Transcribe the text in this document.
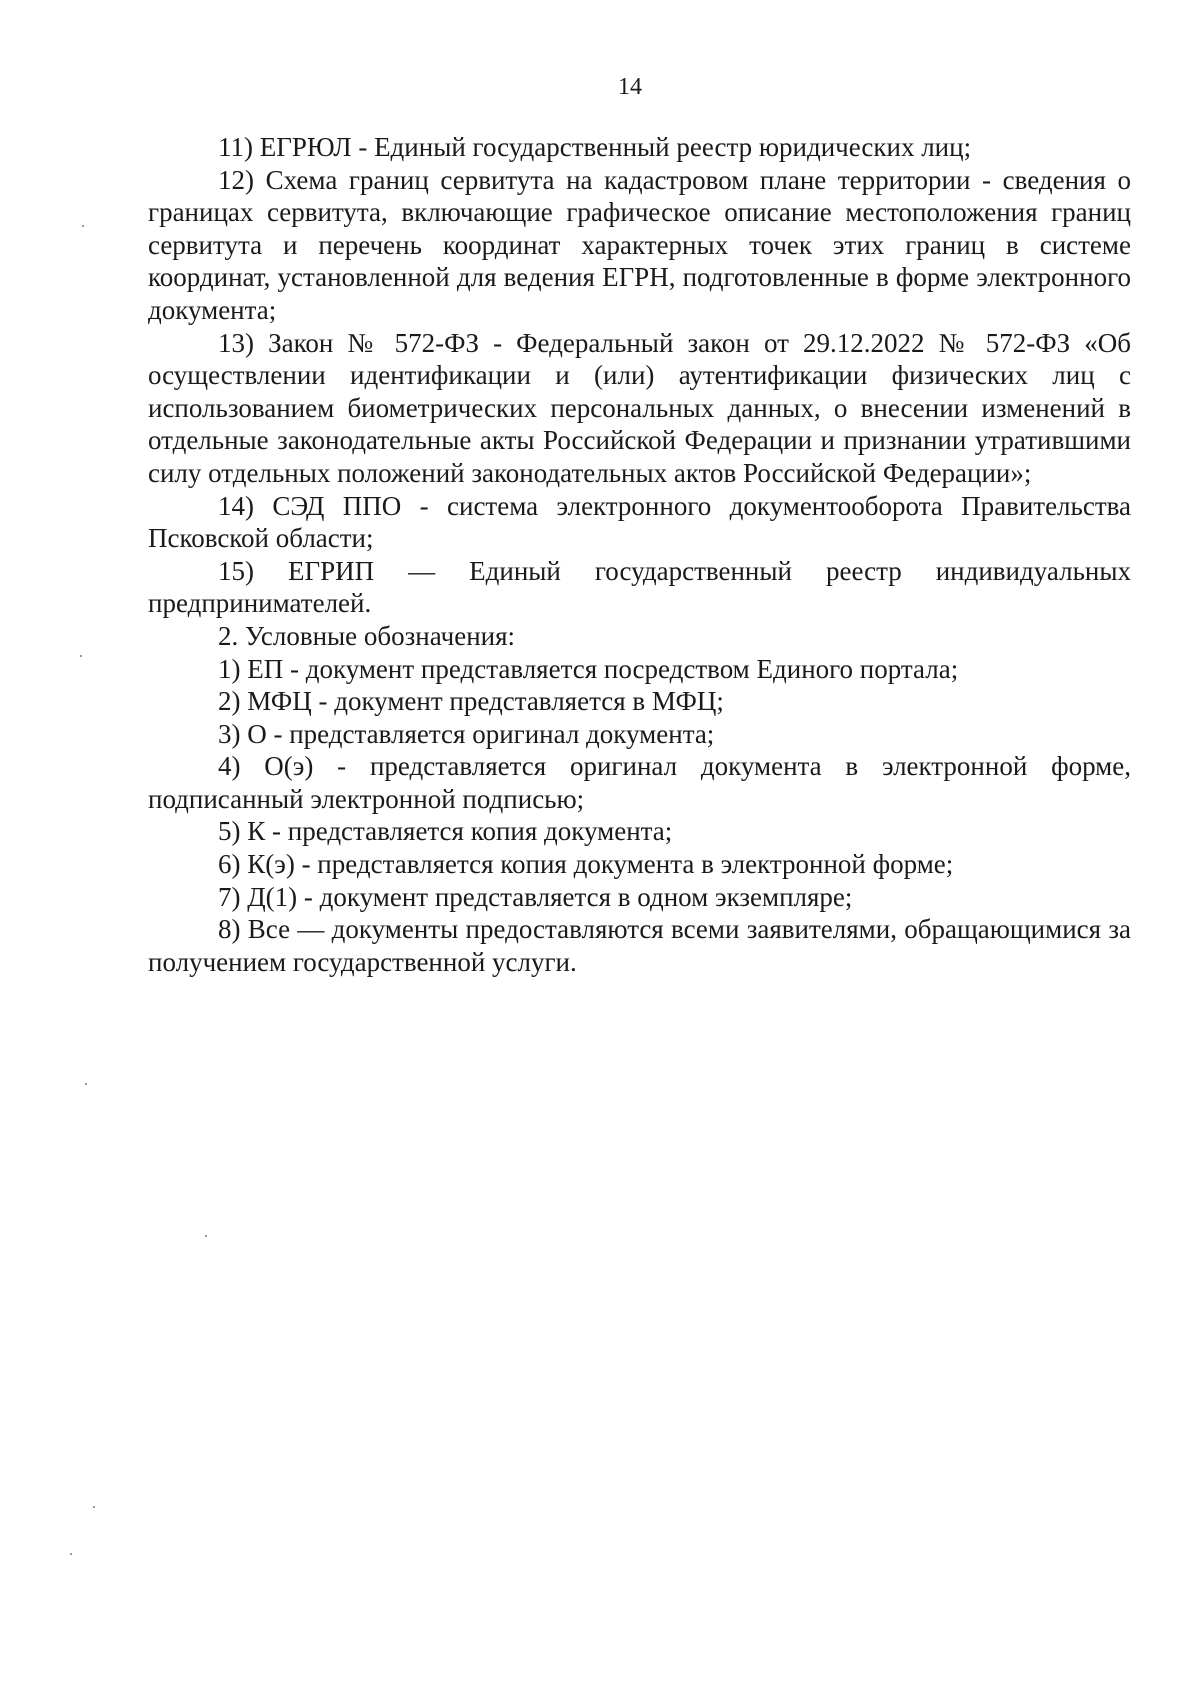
14

11) ЕГРЮЛ - Единый государственный реестр юридических лиц;

12) Схема границ сервитута на кадастровом плане территории - сведения о границах сервитута, включающие графическое описание местоположения границ сервитута и перечень координат характерных точек этих границ в системе координат, установленной для ведения ЕГРН, подготовленные в форме электронного документа;

13) Закон № 572-ФЗ - Федеральный закон от 29.12.2022 № 572-ФЗ «Об осуществлении идентификации и (или) аутентификации физических лиц с использованием биометрических персональных данных, о внесении изменений в отдельные законодательные акты Российской Федерации и признании утратившими силу отдельных положений законодательных актов Российской Федерации»;

14) СЭД ППО - система электронного документооборота Правительства Псковской области;

15) ЕГРИП — Единый государственный реестр индивидуальных предпринимателей.

2. Условные обозначения:

1) ЕП - документ представляется посредством Единого портала;

2) МФЦ - документ представляется в МФЦ;

3) О - представляется оригинал документа;

4) О(э) - представляется оригинал документа в электронной форме, подписанный электронной подписью;

5) К - представляется копия документа;

6) К(э) - представляется копия документа в электронной форме;

7) Д(1) - документ представляется в одном экземпляре;

8) Все — документы предоставляются всеми заявителями, обращающимися за получением государственной услуги.
